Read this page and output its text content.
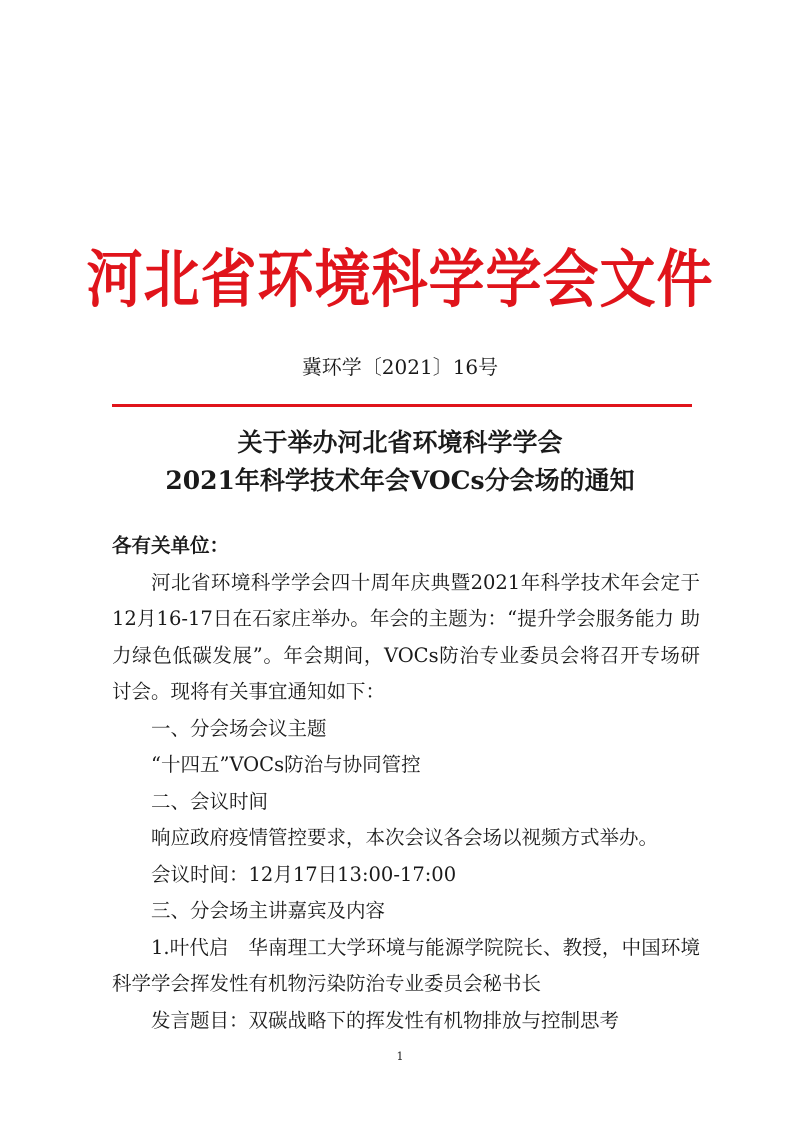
河北省环境科学学会文件
冀环学〔2021〕16号
关于举办河北省环境科学学会
2021年科学技术年会VOCs分会场的通知

各有关单位：

河北省环境科学学会四十周年庆典暨2021年科学技术年会定于12月16-17日在石家庄举办。年会的主题为：“提升学会服务能力 助力绿色低碳发展”。年会期间，VOCs防治专业委员会将召开专场研讨会。现将有关事宜通知如下：

一、分会场会议主题

“十四五”VOCs防治与协同管控

二、会议时间

响应政府疫情管控要求，本次会议各会场以视频方式举办。

会议时间：12月17日13:00-17:00

三、分会场主讲嘉宾及内容

1.叶代启　华南理工大学环境与能源学院院长、教授，中国环境科学学会挥发性有机物污染防治专业委员会秘书长

发言题目：双碳战略下的挥发性有机物排放与控制思考

1
